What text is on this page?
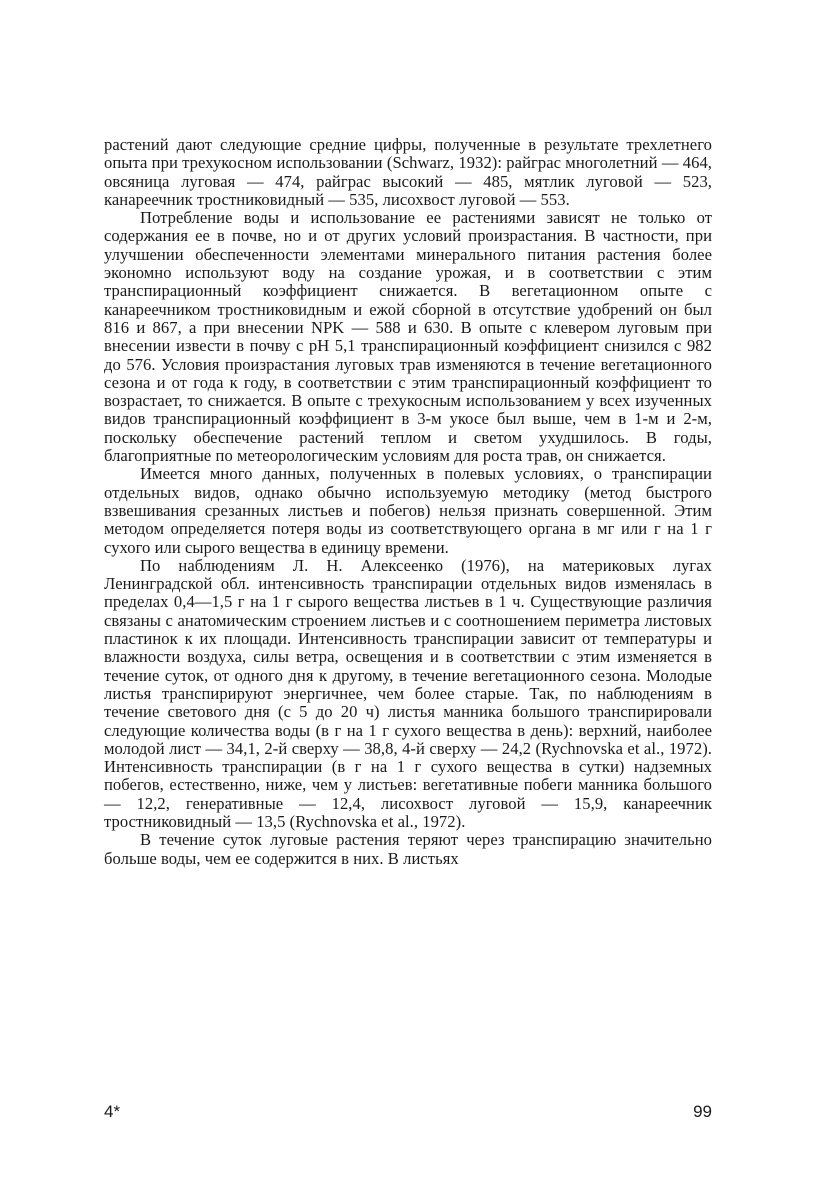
растений дают следующие средние цифры, полученные в результате трехлетнего опыта при трехукосном использовании (Schwarz, 1932): райграс многолетний — 464, овсяница луговая — 474, райграс высокий — 485, мятлик луговой — 523, канареечник тростниковидный — 535, лисохвост луговой — 553.

Потребление воды и использование ее растениями зависят не только от содержания ее в почве, но и от других условий произрастания. В частности, при улучшении обеспеченности элементами минерального питания растения более экономно используют воду на создание урожая, и в соответствии с этим транспирационный коэффициент снижается. В вегетационном опыте с канареечником тростниковидным и ежой сборной в отсутствие удобрений он был 816 и 867, а при внесении NPK — 588 и 630. В опыте с клевером луговым при внесении извести в почву с pH 5,1 транспирационный коэффициент снизился с 982 до 576. Условия произрастания луговых трав изменяются в течение вегетационного сезона и от года к году, в соответствии с этим транспирационный коэффициент то возрастает, то снижается. В опыте с трехукосным использованием у всех изученных видов транспирационный коэффициент в 3-м укосе был выше, чем в 1-м и 2-м, поскольку обеспечение растений теплом и светом ухудшилось. В годы, благоприятные по метеорологическим условиям для роста трав, он снижается.

Имеется много данных, полученных в полевых условиях, о транспирации отдельных видов, однако обычно используемую методику (метод быстрого взвешивания срезанных листьев и побегов) нельзя признать совершенной. Этим методом определяется потеря воды из соответствующего органа в мг или г на 1 г сухого или сырого вещества в единицу времени.

По наблюдениям Л. Н. Алексеенко (1976), на материковых лугах Ленинградской обл. интенсивность транспирации отдельных видов изменялась в пределах 0,4—1,5 г на 1 г сырого вещества листьев в 1 ч. Существующие различия связаны с анатомическим строением листьев и с соотношением периметра листовых пластинок к их площади. Интенсивность транспирации зависит от температуры и влажности воздуха, силы ветра, освещения и в соответствии с этим изменяется в течение суток, от одного дня к другому, в течение вегетационного сезона. Молодые листья транспирируют энергичнее, чем более старые. Так, по наблюдениям в течение светового дня (с 5 до 20 ч) листья манника большого транспирировали следующие количества воды (в г на 1 г сухого вещества в день): верхний, наиболее молодой лист — 34,1, 2-й сверху — 38,8, 4-й сверху — 24,2 (Rychnovska et al., 1972). Интенсивность транспирации (в г на 1 г сухого вещества в сутки) надземных побегов, естественно, ниже, чем у листьев: вегетативные побеги манника большого — 12,2, генеративные — 12,4, лисохвост луговой — 15,9, канареечник тростниковидный — 13,5 (Rychnovska et al., 1972).

В течение суток луговые растения теряют через транспирацию значительно больше воды, чем ее содержится в них. В листьях

4*	99
